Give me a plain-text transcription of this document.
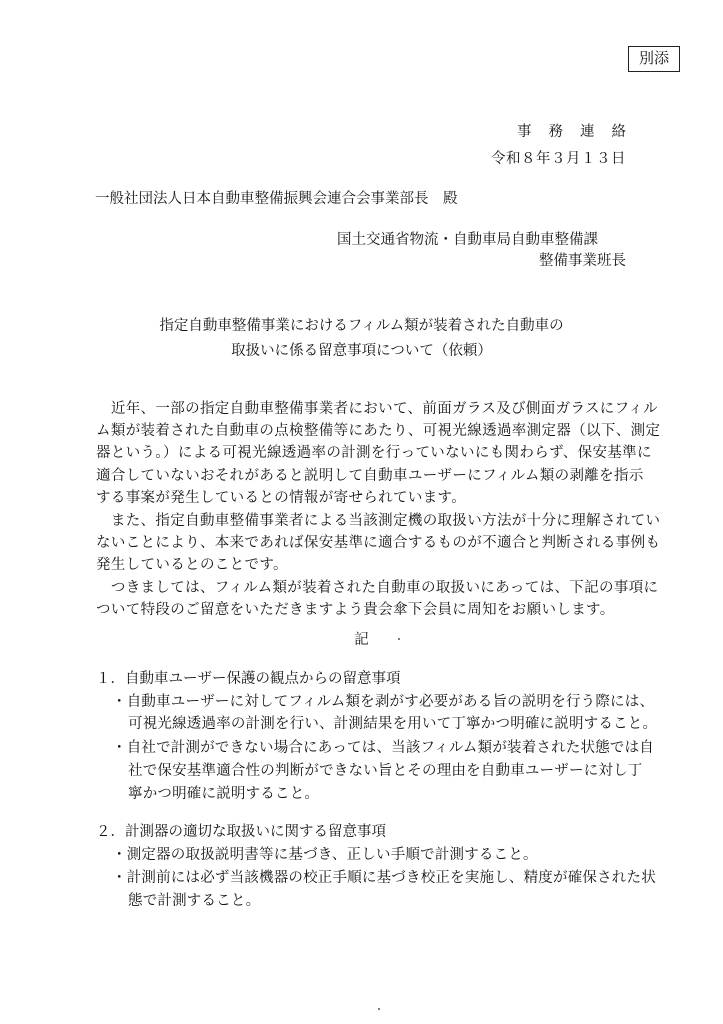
別添
事務連絡
令和８年３月１３日
一般社団法人日本自動車整備振興会連合会事業部長　殿
国土交通省物流・自動車局自動車整備課
整備事業班長
指定自動車整備事業におけるフィルム類が装着された自動車の
取扱いに係る留意事項について（依頼）
　近年、一部の指定自動車整備事業者において、前面ガラス及び側面ガラスにフィル
ム類が装着された自動車の点検整備等にあたり、可視光線透過率測定器（以下、測定
器という。）による可視光線透過率の計測を行っていないにも関わらず、保安基準に
適合していないおそれがあると説明して自動車ユーザーにフィルム類の剥離を指示
する事案が発生しているとの情報が寄せられています。
　また、指定自動車整備事業者による当該測定機の取扱い方法が十分に理解されてい
ないことにより、本来であれば保安基準に適合するものが不適合と判断される事例も
発生しているとのことです。
　つきましては、フィルム類が装着された自動車の取扱いにあっては、下記の事項に
ついて特段のご留意をいただきますよう貴会傘下会員に周知をお願いします。
記
１．自動車ユーザー保護の観点からの留意事項
・自動車ユーザーに対してフィルム類を剥がす必要がある旨の説明を行う際には、
可視光線透過率の計測を行い、計測結果を用いて丁寧かつ明確に説明すること。
・自社で計測ができない場合にあっては、当該フィルム類が装着された状態では自
社で保安基準適合性の判断ができない旨とその理由を自動車ユーザーに対し丁
寧かつ明確に説明すること。
２．計測器の適切な取扱いに関する留意事項
・測定器の取扱説明書等に基づき、正しい手順で計測すること。
・計測前には必ず当該機器の校正手順に基づき校正を実施し、精度が確保された状
態で計測すること。
